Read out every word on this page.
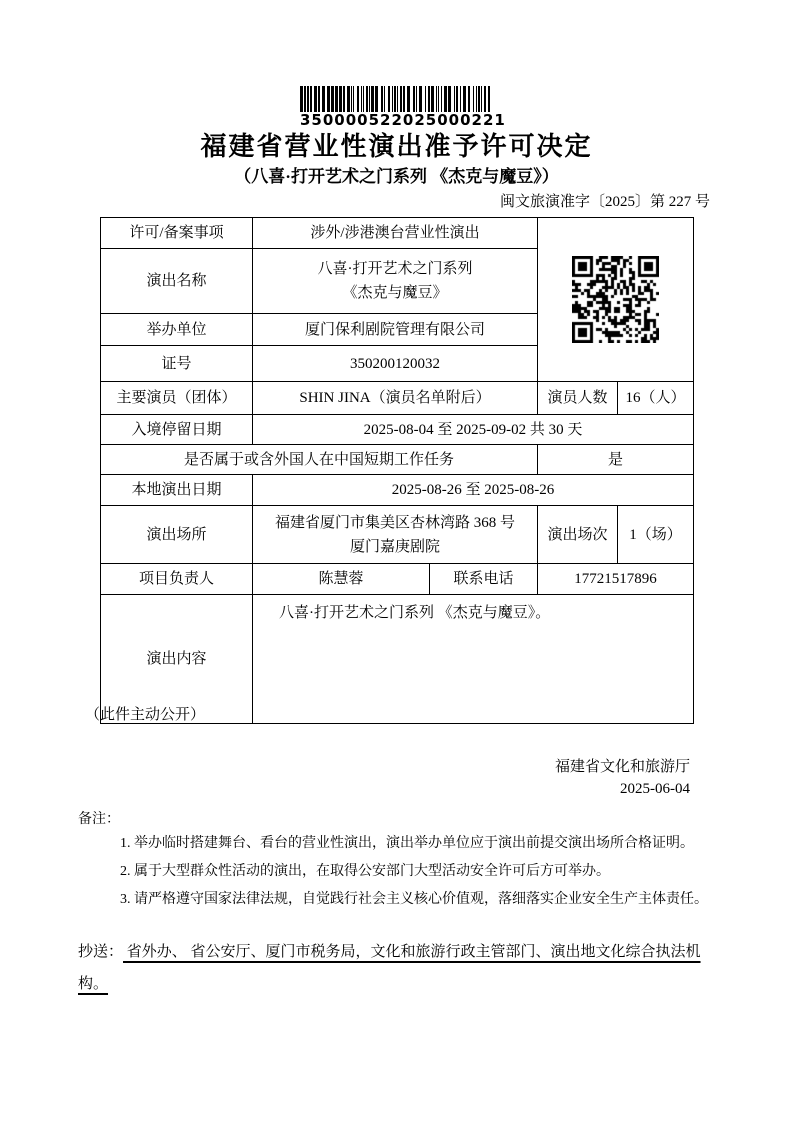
350000522025000221
福建省营业性演出准予许可决定
（八喜·打开艺术之门系列 《杰克与魔豆》）
闽文旅演准字〔2025〕第 227 号
许可/备案事项	涉外/涉港澳台营业性演出	
演出名称	八喜·打开艺术之门系列
《杰克与魔豆》			

举办单位	厦门保利剧院管理有限公司			
证号	350200120032			
主要演员（团体）	SHIN JINA（演员名单附后）		演员人数	16（人）
入境停留日期	2025-08-04 至 2025-09-02 共 30 天			
是否属于或含外国人在中国短期工作任务			是	
本地演出日期	2025-08-26 至 2025-08-26			
演出场所	福建省厦门市集美区杏林湾路 368 号
厦门嘉庚剧院		演出场次	1（场）
项目负责人	陈慧蓉	联系电话	17721517896	
演出内容	八喜·打开艺术之门系列 《杰克与魔豆》。			
（此件主动公开）
福建省文化和旅游厅
2025-06-04
备注：

1. 举办临时搭建舞台、看台的营业性演出，演出举办单位应于演出前提交演出场所合格证明。

2. 属于大型群众性活动的演出，在取得公安部门大型活动安全许可后方可举办。

3. 请严格遵守国家法律法规，自觉践行社会主义核心价值观，落细落实企业安全生产主体责任。

抄送： 省外办、 省公安厅、厦门市税务局，文化和旅游行政主管部门、演出地文化综合执法机构。
